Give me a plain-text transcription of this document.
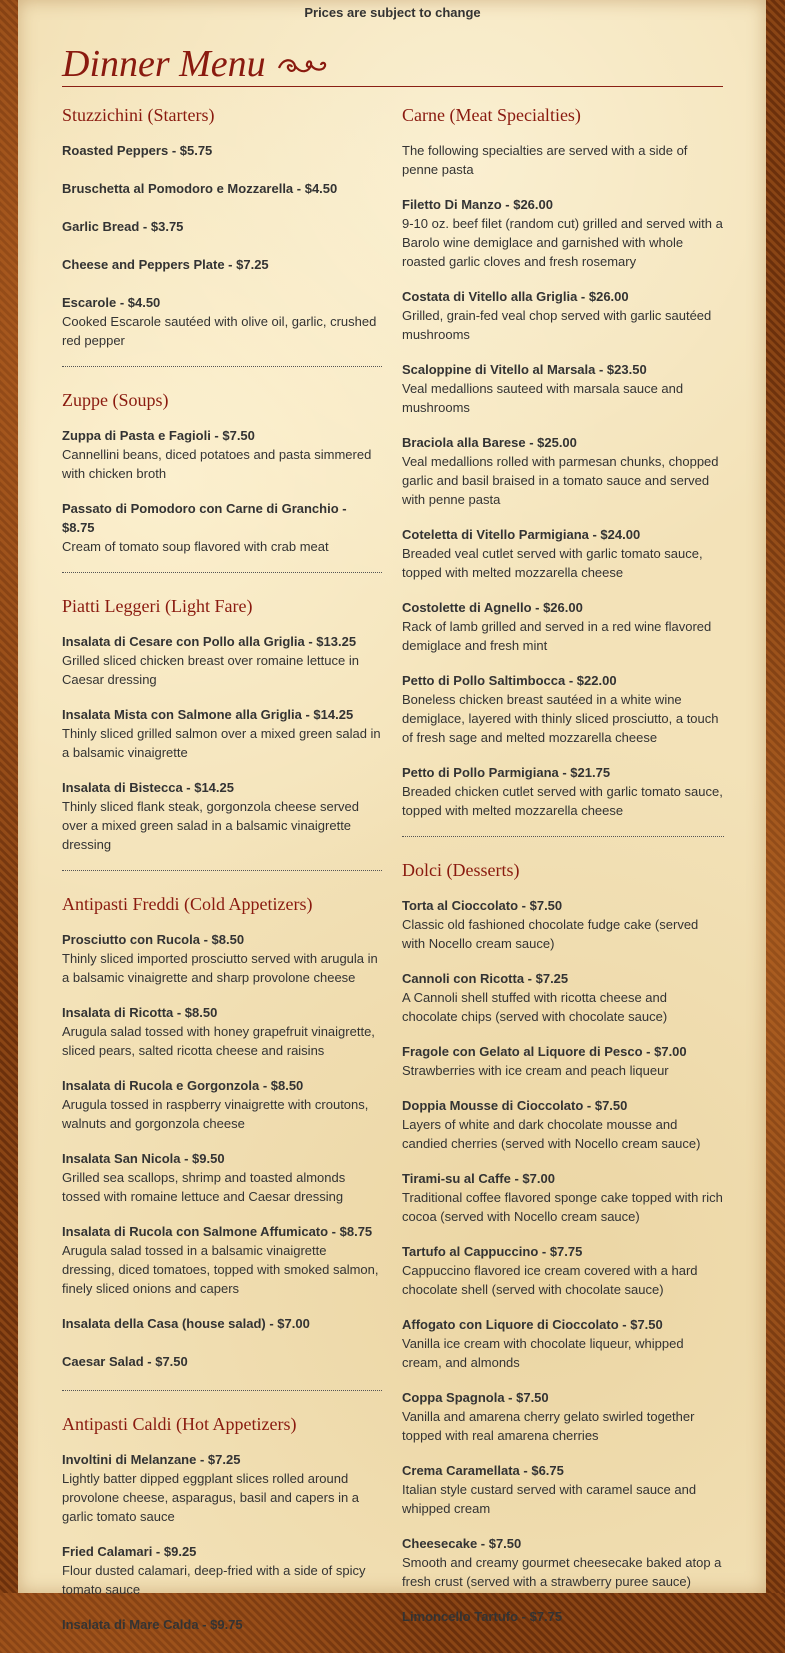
Prices are subject to change
Dinner Menu
Stuzzichini (Starters)
Roasted Peppers - $5.75
Bruschetta al Pomodoro e Mozzarella - $4.50
Garlic Bread - $3.75
Cheese and Peppers Plate - $7.25
Escarole - $4.50
Cooked Escarole sautéed with olive oil, garlic, crushed red pepper
Zuppe (Soups)
Zuppa di Pasta e Fagioli - $7.50
Cannellini beans, diced potatoes and pasta simmered with chicken broth
Passato di Pomodoro con Carne di Granchio - $8.75
Cream of tomato soup flavored with crab meat
Piatti Leggeri (Light Fare)
Insalata di Cesare con Pollo alla Griglia - $13.25
Grilled sliced chicken breast over romaine lettuce in Caesar dressing
Insalata Mista con Salmone alla Griglia - $14.25
Thinly sliced grilled salmon over a mixed green salad in a balsamic vinaigrette
Insalata di Bistecca - $14.25
Thinly sliced flank steak, gorgonzola cheese served over a mixed green salad in a balsamic vinaigrette dressing
Antipasti Freddi (Cold Appetizers)
Prosciutto con Rucola - $8.50
Thinly sliced imported prosciutto served with arugula in a balsamic vinaigrette and sharp provolone cheese
Insalata di Ricotta - $8.50
Arugula salad tossed with honey grapefruit vinaigrette, sliced pears, salted ricotta cheese and raisins
Insalata di Rucola e Gorgonzola - $8.50
Arugula tossed in raspberry vinaigrette with croutons, walnuts and gorgonzola cheese
Insalata San Nicola - $9.50
Grilled sea scallops, shrimp and toasted almonds tossed with romaine lettuce and Caesar dressing
Insalata di Rucola con Salmone Affumicato - $8.75
Arugula salad tossed in a balsamic vinaigrette dressing, diced tomatoes, topped with smoked salmon, finely sliced onions and capers
Insalata della Casa (house salad) - $7.00
Caesar Salad - $7.50
Antipasti Caldi (Hot Appetizers)
Involtini di Melanzane - $7.25
Lightly batter dipped eggplant slices rolled around provolone cheese, asparagus, basil and capers in a garlic tomato sauce
Fried Calamari - $9.25
Flour dusted calamari, deep-fried with a side of spicy tomato sauce
Insalata di Mare Calda - $9.75
Carne (Meat Specialties)
The following specialties are served with a side of penne pasta
Filetto Di Manzo - $26.00
9-10 oz. beef filet (random cut) grilled and served with a Barolo wine demiglace and garnished with whole roasted garlic cloves and fresh rosemary
Costata di Vitello alla Griglia - $26.00
Grilled, grain-fed veal chop served with garlic sautéed mushrooms
Scaloppine di Vitello al Marsala - $23.50
Veal medallions sauteed with marsala sauce and mushrooms
Braciola alla Barese - $25.00
Veal medallions rolled with parmesan chunks, chopped garlic and basil braised in a tomato sauce and served with penne pasta
Coteletta di Vitello Parmigiana - $24.00
Breaded veal cutlet served with garlic tomato sauce, topped with melted mozzarella cheese
Costolette di Agnello - $26.00
Rack of lamb grilled and served in a red wine flavored demiglace and fresh mint
Petto di Pollo Saltimbocca - $22.00
Boneless chicken breast sautéed in a white wine demiglace, layered with thinly sliced prosciutto, a touch of fresh sage and melted mozzarella cheese
Petto di Pollo Parmigiana - $21.75
Breaded chicken cutlet served with garlic tomato sauce, topped with melted mozzarella cheese
Dolci (Desserts)
Torta al Cioccolato - $7.50
Classic old fashioned chocolate fudge cake (served with Nocello cream sauce)
Cannoli con Ricotta - $7.25
A Cannoli shell stuffed with ricotta cheese and chocolate chips (served with chocolate sauce)
Fragole con Gelato al Liquore di Pesco - $7.00
Strawberries with ice cream and peach liqueur
Doppia Mousse di Cioccolato - $7.50
Layers of white and dark chocolate mousse and candied cherries (served with Nocello cream sauce)
Tirami-su al Caffe - $7.00
Traditional coffee flavored sponge cake topped with rich cocoa (served with Nocello cream sauce)
Tartufo al Cappuccino - $7.75
Cappuccino flavored ice cream covered with a hard chocolate shell (served with chocolate sauce)
Affogato con Liquore di Cioccolato - $7.50
Vanilla ice cream with chocolate liqueur, whipped cream, and almonds
Coppa Spagnola - $7.50
Vanilla and amarena cherry gelato swirled together topped with real amarena cherries
Crema Caramellata - $6.75
Italian style custard served with caramel sauce and whipped cream
Cheesecake - $7.50
Smooth and creamy gourmet cheesecake baked atop a fresh crust (served with a strawberry puree sauce)
Limoncello Tartufo - $7.75
